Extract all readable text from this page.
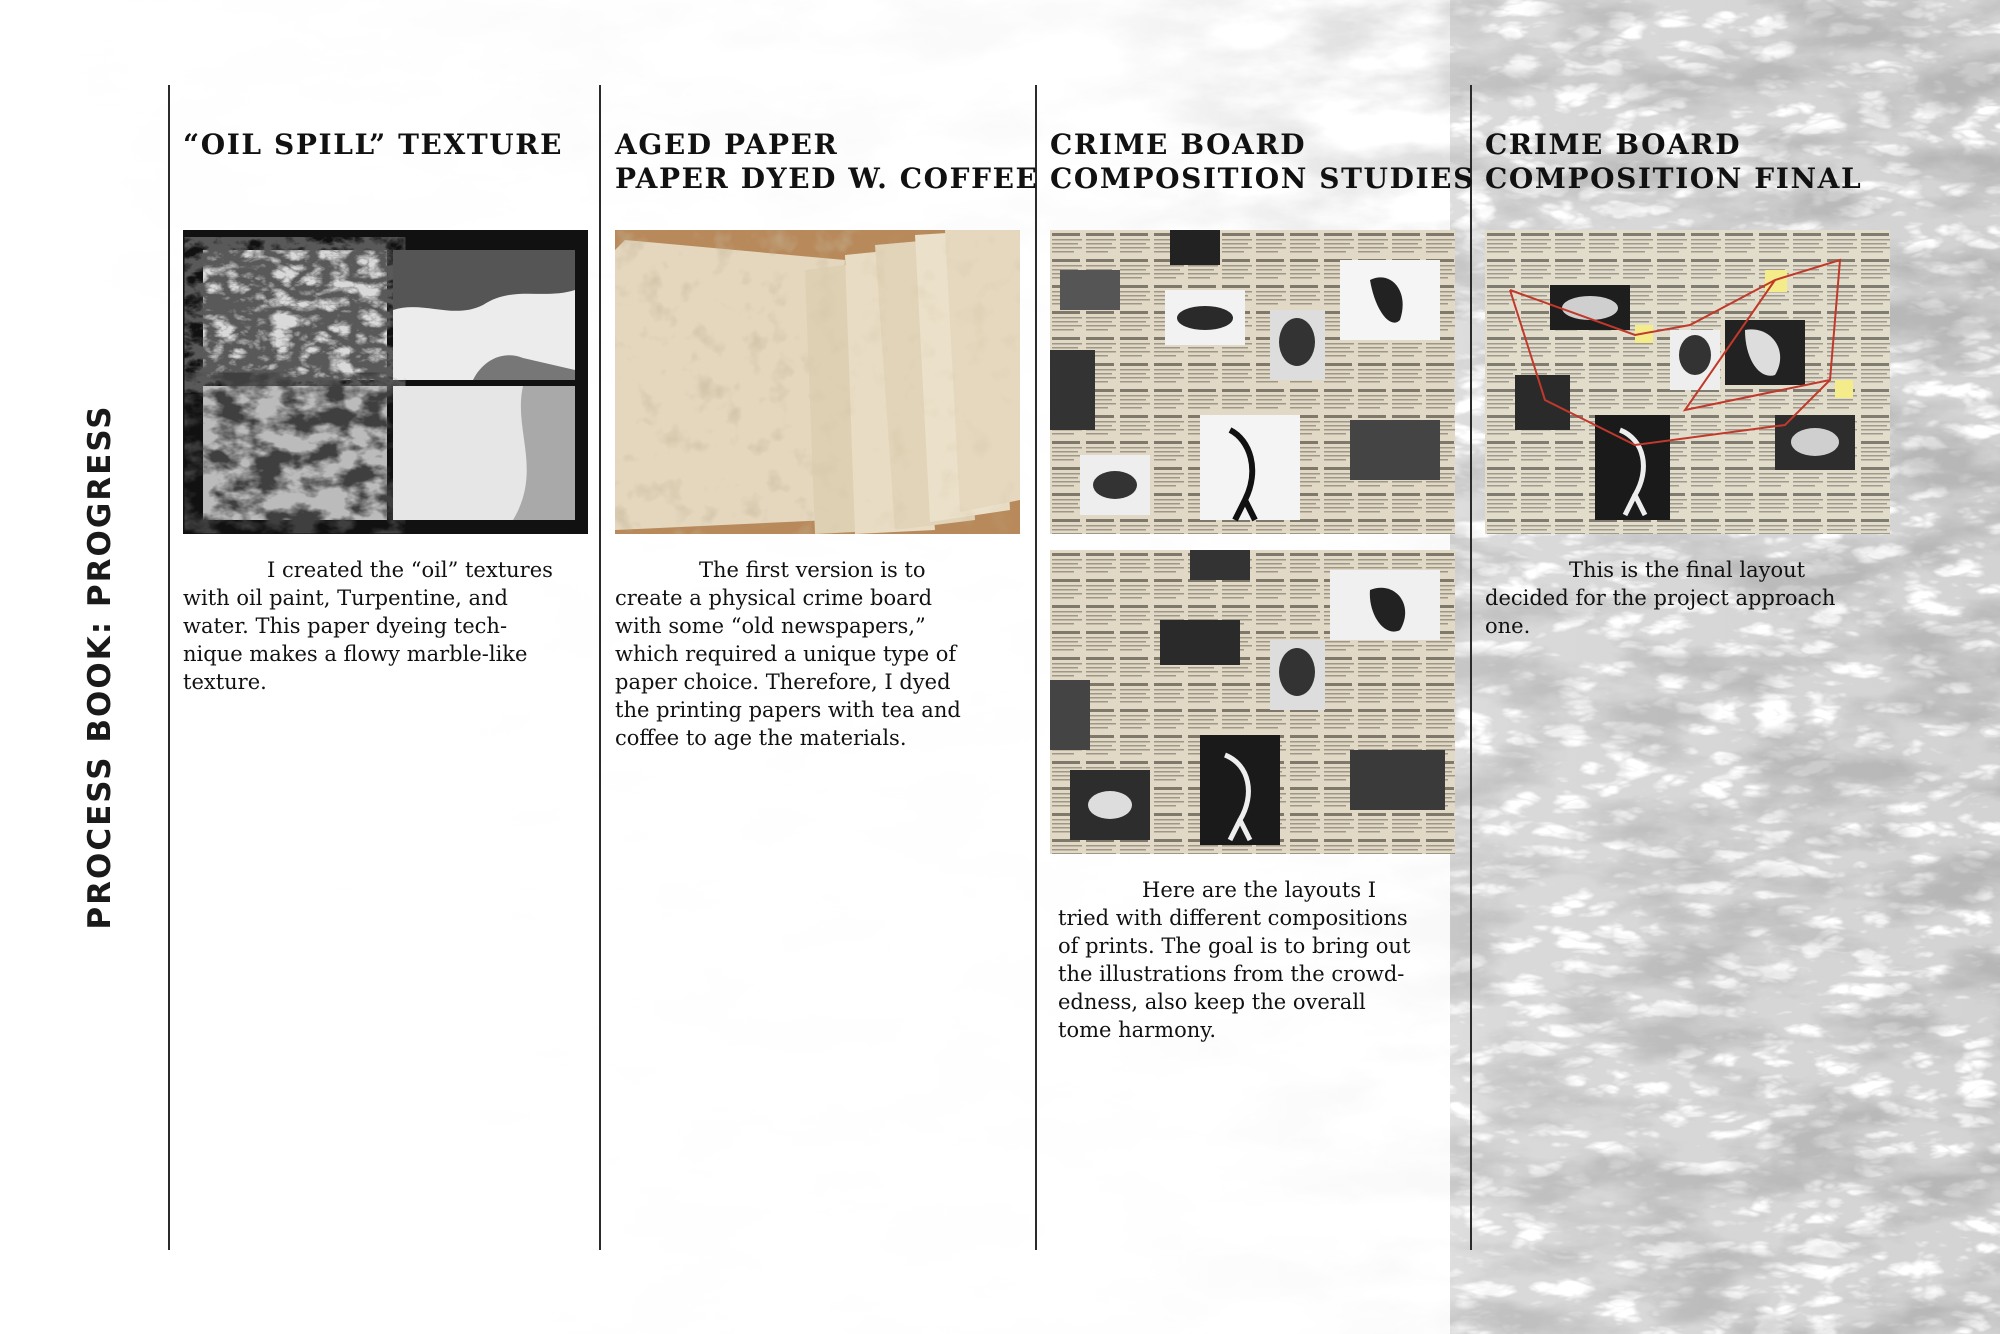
PROCESS BOOK: PROGRESS
“OIL SPILL” TEXTURE

I created the “oil” textures
with oil paint, Turpentine, and
water. This paper dyeing tech-
nique makes a flowy marble-like
texture.

AGED PAPER
PAPER DYED W. COFFEE

The first version is to
create a physical crime board
with some “old newspapers,”
which required a unique type of
paper choice. Therefore, I dyed
the printing papers with tea and
coffee to age the materials.

CRIME BOARD
COMPOSITION STUDIES

Here are the layouts I
tried with different compositions
of prints. The goal is to bring out
the illustrations from the crowd-
edness, also keep the overall
tome harmony.

CRIME BOARD
COMPOSITION FINAL

This is the final layout
decided for the project approach
one.
